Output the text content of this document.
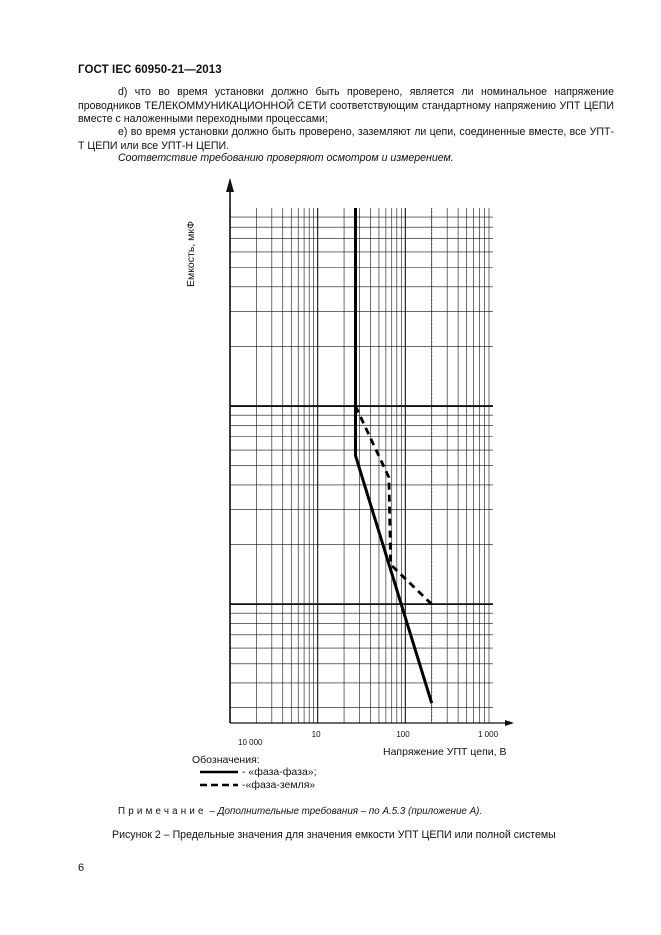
ГОСТ IEC 60950-21—2013
d) что во время установки должно быть проверено, является ли номинальное напряжение проводников ТЕЛЕКОММУНИКАЦИОННОЙ СЕТИ соответствующим стандартному напряжению УПТ ЦЕПИ вместе с наложенными переходными процессами;
e) во время установки должно быть проверено, заземляют ли цепи, соединенные вместе, все УПТ-Т ЦЕПИ или все УПТ-Н ЦЕПИ.
Соответствие требованию проверяют осмотром и измерением.
Емкость, мкФ
10 000
10	100	1 000
Напряжение УПТ цепи, В
Обозначения:
- «фаза-фаза»;
-«фаза-земля»
Примечание – Дополнительные требования – по А.5.3 (приложение А).
Рисунок 2 – Предельные значения для значения емкости УПТ ЦЕПИ или полной системы
6
